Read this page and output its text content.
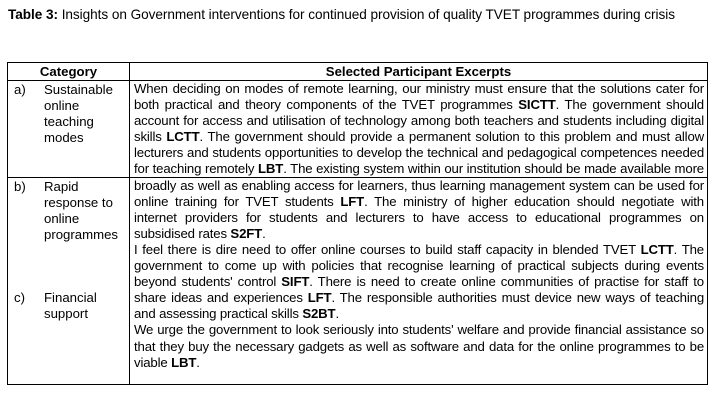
Table 3: Insights on Government interventions for continued provision of quality TVET programmes during crisis
Category	Selected Participant Excerpts
a) Sustainable online teaching modes
b) Rapid response to online programmes
c) Financial support

When deciding on modes of remote learning, our ministry must ensure that the solutions cater for both practical and theory components of the TVET programmes SICTT. The government should account for access and utilisation of technology among both teachers and students including digital skills LCTT. The government should provide a permanent solution to this problem and must allow lecturers and students opportunities to develop the technical and pedagogical competences needed for teaching remotely LBT. The existing system within our institution should be made available more broadly as well as enabling access for learners, thus learning management system can be used for online training for TVET students LFT. The ministry of higher education should negotiate with internet providers for students and lecturers to have access to educational programmes on subsidised rates S2FT.

I feel there is dire need to offer online courses to build staff capacity in blended TVET LCTT. The government to come up with policies that recognise learning of practical subjects during events beyond students' control SIFT. There is need to create online communities of practise for staff to share ideas and experiences LFT. The responsible authorities must device new ways of teaching and assessing practical skills S2BT.

We urge the government to look seriously into students' welfare and provide financial assistance so that they buy the necessary gadgets as well as software and data for the online programmes to be viable LBT.
